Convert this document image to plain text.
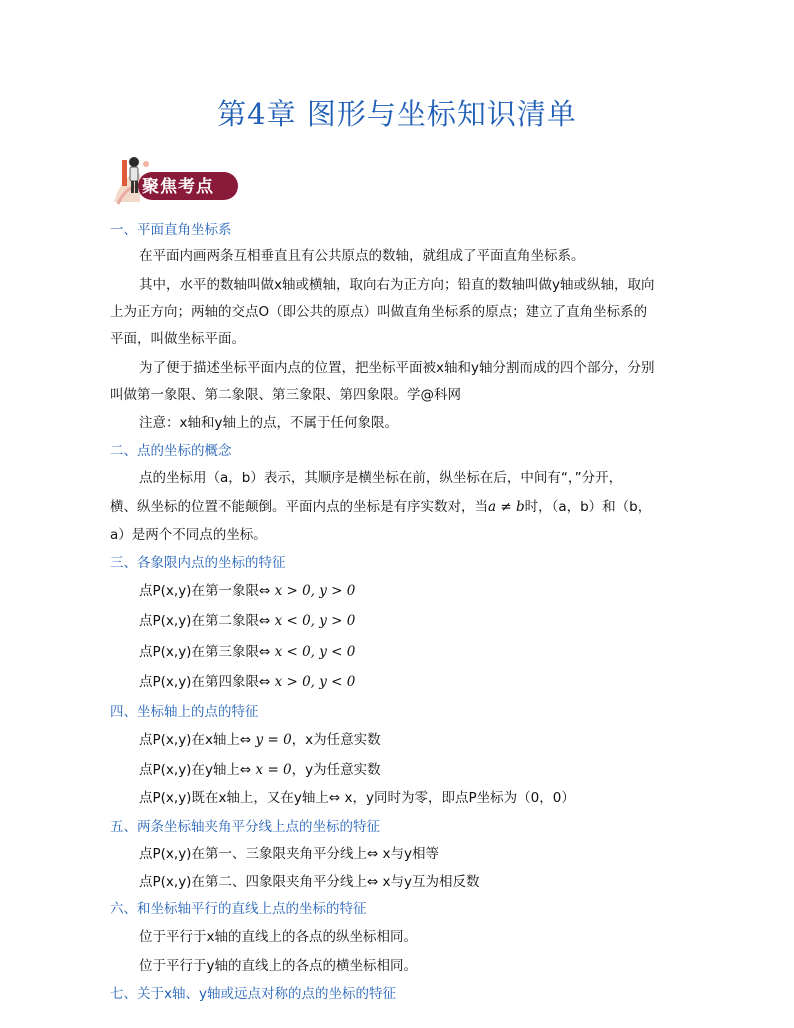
第4章 图形与坐标知识清单
聚焦考点
一、平面直角坐标系
在平面内画两条互相垂直且有公共原点的数轴，就组成了平面直角坐标系。
其中，水平的数轴叫做x轴或横轴，取向右为正方向；铅直的数轴叫做y轴或纵轴，取向
上为正方向；两轴的交点O（即公共的原点）叫做直角坐标系的原点；建立了直角坐标系的
平面，叫做坐标平面。
为了便于描述坐标平面内点的位置，把坐标平面被x轴和y轴分割而成的四个部分，分别
叫做第一象限、第二象限、第三象限、第四象限。学@科网
注意：x轴和y轴上的点，不属于任何象限。
二、点的坐标的概念
点的坐标用（a，b）表示，其顺序是横坐标在前，纵坐标在后，中间有“，”分开，
横、纵坐标的位置不能颠倒。平面内点的坐标是有序实数对，当a ≠ b时，（a，b）和（b，
a）是两个不同点的坐标。
三、各象限内点的坐标的特征
点P(x,y)在第一象限⇔ x > 0, y > 0
点P(x,y)在第二象限⇔ x < 0, y > 0
点P(x,y)在第三象限⇔ x < 0, y < 0
点P(x,y)在第四象限⇔ x > 0, y < 0
四、坐标轴上的点的特征
点P(x,y)在x轴上⇔ y = 0，x为任意实数
点P(x,y)在y轴上⇔ x = 0，y为任意实数
点P(x,y)既在x轴上，又在y轴上⇔ x，y同时为零，即点P坐标为（0，0）
五、两条坐标轴夹角平分线上点的坐标的特征
点P(x,y)在第一、三象限夹角平分线上⇔ x与y相等
点P(x,y)在第二、四象限夹角平分线上⇔ x与y互为相反数
六、和坐标轴平行的直线上点的坐标的特征
位于平行于x轴的直线上的各点的纵坐标相同。
位于平行于y轴的直线上的各点的横坐标相同。
七、关于x轴、y轴或远点对称的点的坐标的特征
